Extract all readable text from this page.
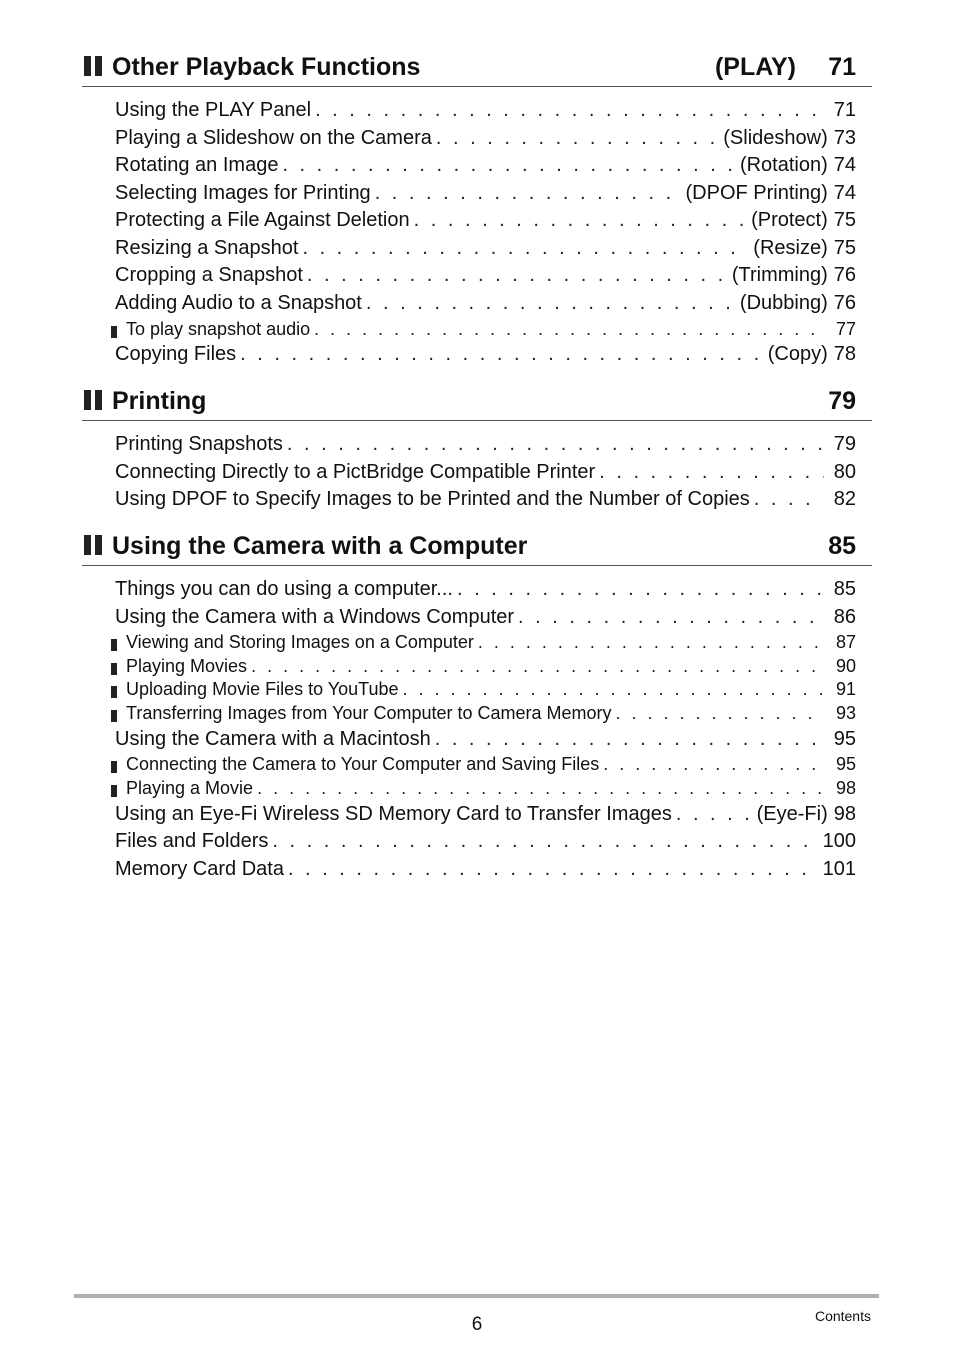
Other Playback Functions	(PLAY) 71
Using the PLAY Panel . . .	71
Playing a Slideshow on the Camera . . .	(Slideshow) 73
Rotating an Image . . .	(Rotation) 74
Selecting Images for Printing . . .	(DPOF Printing) 74
Protecting a File Against Deletion . . .	(Protect) 75
Resizing a Snapshot . . .	(Resize) 75
Cropping a Snapshot . . .	(Trimming) 76
Adding Audio to a Snapshot . . .	(Dubbing) 76
To play snapshot audio . . .	77
Copying Files . . .	(Copy) 78
Printing	79
Printing Snapshots . . .	79
Connecting Directly to a PictBridge Compatible Printer . . .	80
Using DPOF to Specify Images to be Printed and the Number of Copies . . .	82
Using the Camera with a Computer	85
Things you can do using a computer... . . .	85
Using the Camera with a Windows Computer . . .	86
Viewing and Storing Images on a Computer . . .	87
Playing Movies . . .	90
Uploading Movie Files to YouTube . . .	91
Transferring Images from Your Computer to Camera Memory . . .	93
Using the Camera with a Macintosh . . .	95
Connecting the Camera to Your Computer and Saving Files . . .	95
Playing a Movie . . .	98
Using an Eye-Fi Wireless SD Memory Card to Transfer Images . . .	(Eye-Fi) 98
Files and Folders . . .	100
Memory Card Data . . .	101
6	Contents
